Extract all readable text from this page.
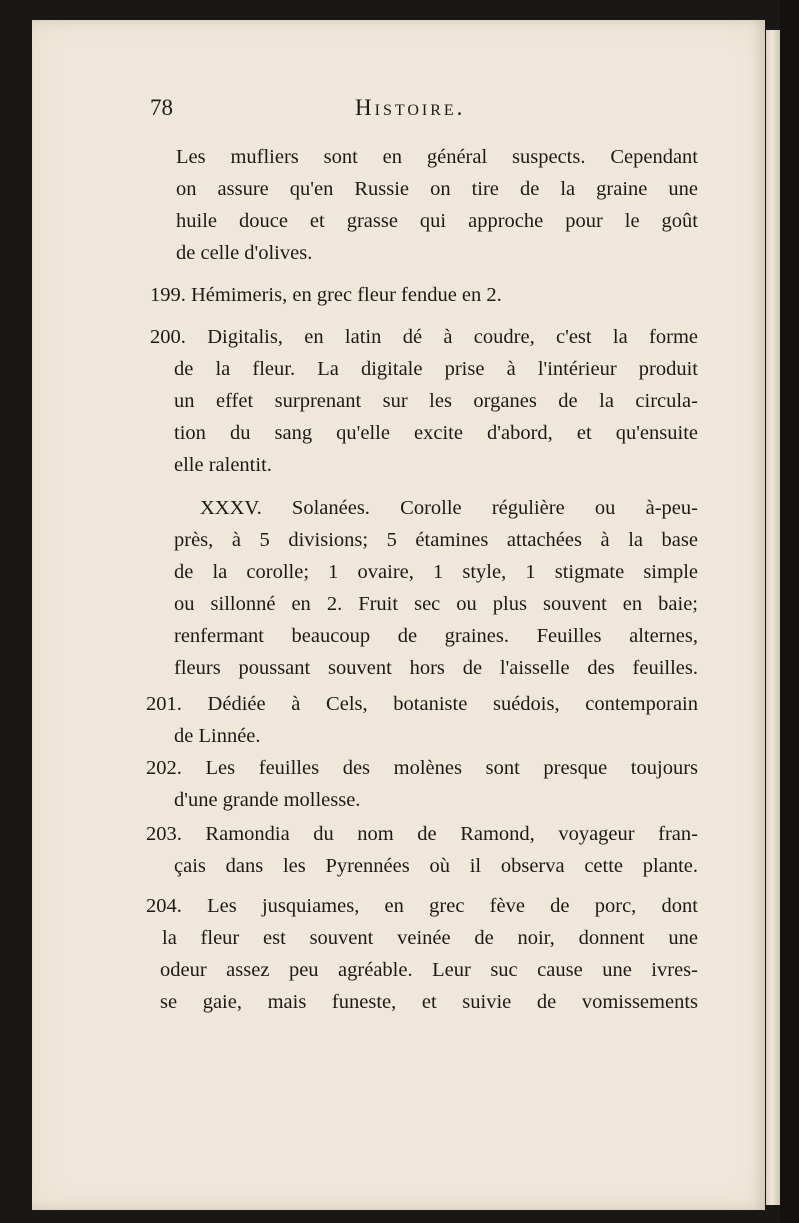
78	Histoire.
Les mufliers sont en général suspects. Cependant
on assure qu'en Russie on tire de la graine une
huile douce et grasse qui approche pour le goût
de celle d'olives.
199. Hémimeris, en grec fleur fendue en 2.
200. Digitalis, en latin dé à coudre, c'est la forme
de la fleur. La digitale prise à l'intérieur produit
un effet surprenant sur les organes de la circula-
tion du sang qu'elle excite d'abord, et qu'ensuite
elle ralentit.
XXXV. Solanées. Corolle régulière ou à-peu-
près, à 5 divisions; 5 étamines attachées à la base
de la corolle; 1 ovaire, 1 style, 1 stigmate simple
ou sillonné en 2. Fruit sec ou plus souvent en baie;
renfermant beaucoup de graines. Feuilles alternes,
fleurs poussant souvent hors de l'aisselle des feuilles.
201. Dédiée à Cels, botaniste suédois, contemporain
de Linnée.
202. Les feuilles des molènes sont presque toujours
d'une grande mollesse.
203. Ramondia du nom de Ramond, voyageur fran-
çais dans les Pyrennées où il observa cette plante.
204. Les jusquiames, en grec fève de porc, dont
la fleur est souvent veinée de noir, donnent une
odeur assez peu agréable. Leur suc cause une ivres-
se gaie, mais funeste, et suivie de vomissements
